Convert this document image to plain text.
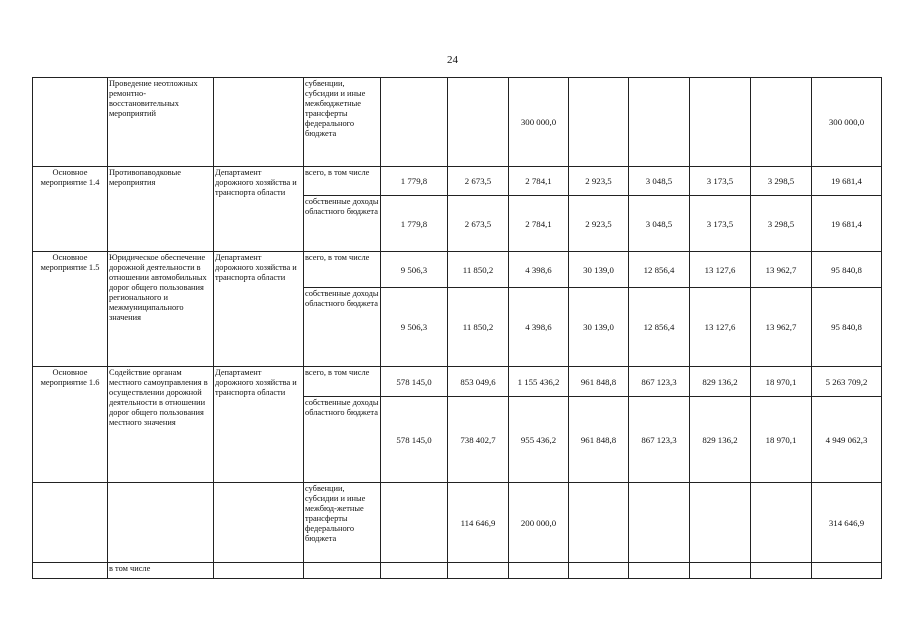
24
	Проведение неотложных ремонтно-восстановительных мероприятий		субвенции, субсидии и иные межбюджетные трансферты федерального бюджета			300 000,0					300 000,0
Основное мероприятие 1.4	Противопаводковые мероприятия	Департамент дорожного хозяйства и транспорта области	всего, в том числе	1 779,8	2 673,5	2 784,1	2 923,5	3 048,5	3 173,5	3 298,5	19 681,4
			собственные доходы областного бюджета	1 779,8	2 673,5	2 784,1	2 923,5	3 048,5	3 173,5	3 298,5	19 681,4
Основное мероприятие 1.5	Юридическое обеспечение дорожной деятельности в отношении автомобильных дорог общего пользования регионального и межмуниципального значения	Департамент дорожного хозяйства и транспорта области	всего, в том числе	9 506,3	11 850,2	4 398,6	30 139,0	12 856,4	13 127,6	13 962,7	95 840,8
			собственные доходы областного бюджета	9 506,3	11 850,2	4 398,6	30 139,0	12 856,4	13 127,6	13 962,7	95 840,8
Основное мероприятие 1.6	Содействие органам местного самоуправления в осуществлении дорожной деятельности в отношении дорог общего пользования местного значения	Департамент дорожного хозяйства и транспорта области	всего, в том числе	578 145,0	853 049,6	1 155 436,2	961 848,8	867 123,3	829 136,2	18 970,1	5 263 709,2
			собственные доходы областного бюджета	578 145,0	738 402,7	955 436,2	961 848,8	867 123,3	829 136,2	18 970,1	4 949 062,3
			субвенции, субсидии и иные межбюд-жетные трансферты федерального бюджета		114 646,9	200 000,0					314 646,9
	в том числе										
